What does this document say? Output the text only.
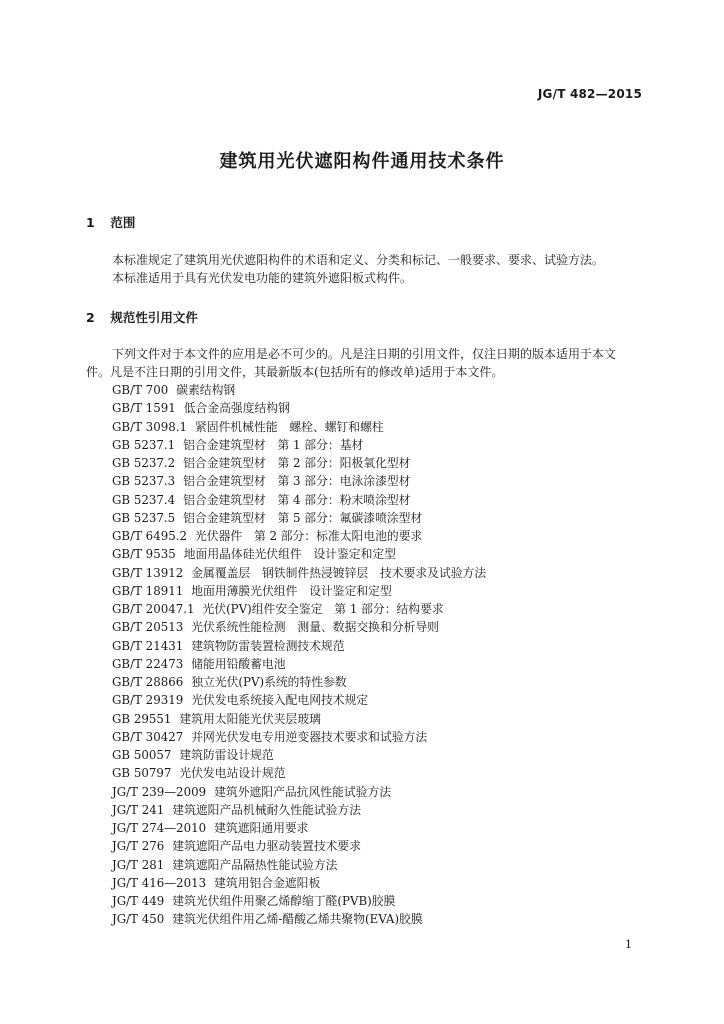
JG/T 482—2015
建筑用光伏遮阳构件通用技术条件
1 范围
本标准规定了建筑用光伏遮阳构件的术语和定义、分类和标记、一般要求、要求、试验方法。
本标准适用于具有光伏发电功能的建筑外遮阳板式构件。
2 规范性引用文件
下列文件对于本文件的应用是必不可少的。凡是注日期的引用文件，仅注日期的版本适用于本文
件。凡是不注日期的引用文件，其最新版本(包括所有的修改单)适用于本文件。
GB/T 700 碳素结构钢
GB/T 1591 低合金高强度结构钢
GB/T 3098.1 紧固件机械性能　螺栓、螺钉和螺柱
GB 5237.1 铝合金建筑型材　第 1 部分：基材
GB 5237.2 铝合金建筑型材　第 2 部分：阳极氧化型材
GB 5237.3 铝合金建筑型材　第 3 部分：电泳涂漆型材
GB 5237.4 铝合金建筑型材　第 4 部分：粉末喷涂型材
GB 5237.5 铝合金建筑型材　第 5 部分：氟碳漆喷涂型材
GB/T 6495.2 光伏器件　第 2 部分：标准太阳电池的要求
GB/T 9535 地面用晶体硅光伏组件　设计鉴定和定型
GB/T 13912 金属覆盖层　钢铁制件热浸镀锌层　技术要求及试验方法
GB/T 18911 地面用薄膜光伏组件　设计鉴定和定型
GB/T 20047.1 光伏(PV)组件安全鉴定　第 1 部分：结构要求
GB/T 20513 光伏系统性能检测　测量、数据交换和分析导则
GB/T 21431 建筑物防雷装置检测技术规范
GB/T 22473 储能用铅酸蓄电池
GB/T 28866 独立光伏(PV)系统的特性参数
GB/T 29319 光伏发电系统接入配电网技术规定
GB 29551 建筑用太阳能光伏夹层玻璃
GB/T 30427 并网光伏发电专用逆变器技术要求和试验方法
GB 50057 建筑防雷设计规范
GB 50797 光伏发电站设计规范
JG/T 239—2009 建筑外遮阳产品抗风性能试验方法
JG/T 241 建筑遮阳产品机械耐久性能试验方法
JG/T 274—2010 建筑遮阳通用要求
JG/T 276 建筑遮阳产品电力驱动装置技术要求
JG/T 281 建筑遮阳产品隔热性能试验方法
JG/T 416—2013 建筑用铝合金遮阳板
JG/T 449 建筑光伏组件用聚乙烯醇缩丁醛(PVB)胶膜
JG/T 450 建筑光伏组件用乙烯-醋酸乙烯共聚物(EVA)胶膜
1
